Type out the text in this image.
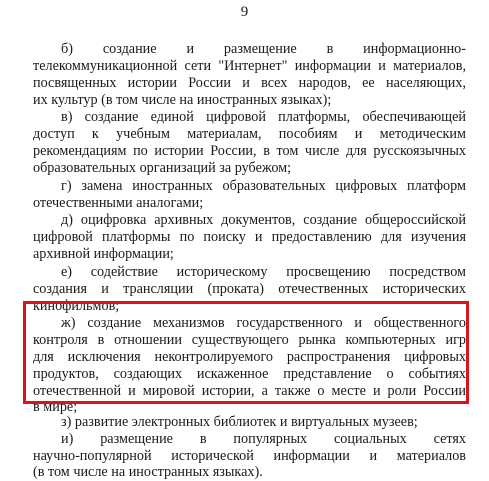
9
б) создание и размещение в информационно-
телекоммуникационной сети "Интернет" информации и материалов,
посвященных истории России и всех народов, ее населяющих,
их культур (в том числе на иностранных языках);
в) создание единой цифровой платформы, обеспечивающей
доступ к учебным материалам, пособиям и методическим
рекомендациям по истории России, в том числе для русскоязычных
образовательных организаций за рубежом;
г) замена иностранных образовательных цифровых платформ
отечественными аналогами;
д) оцифровка архивных документов, создание общероссийской
цифровой платформы по поиску и предоставлению для изучения
архивной информации;
е) содействие историческому просвещению посредством
создания и трансляции (проката) отечественных исторических
кинофильмов;
ж) создание механизмов государственного и общественного
контроля в отношении существующего рынка компьютерных игр
для исключения неконтролируемого распространения цифровых
продуктов, создающих искаженное представление о событиях
отечественной и мировой истории, а также о месте и роли России
в мире;
з) развитие электронных библиотек и виртуальных музеев;
и) размещение в популярных социальных сетях
научно-популярной исторической информации и материалов
(в том числе на иностранных языках).
